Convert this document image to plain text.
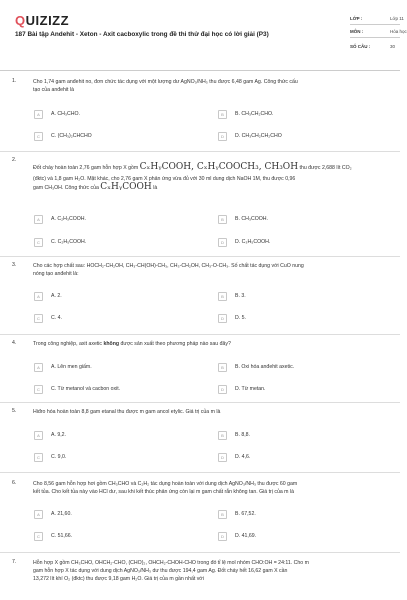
QUIZIZZ
187 Bài tập Andehit - Xeton - Axit cacboxylic trong đề thi thử đại học có lời giải (P3)
LỚP :	Lớp 11
MÔN :	Hóa học
SỐ CÂU :	30
1.	Cho 1,74 gam anđehit no, đơn chức tác dụng với một lượng dư AgNO₃/NH₃ thu được 6,48 gam Ag. Công thức cấu
tạo của anđehit là
A	A. CH₃CHO.	B	B. CH₃CH₂CHO.
C	C. (CH₃)₂CHCHO	D	D. CH₃CH₂CH₂CHO
2.
Đốt cháy hoàn toàn 2,76 gam hỗn hợp X gồm CₓHᵧCOOH, CₓHᵧCOOCH₃, CH₃OH thu được 2,688 lít CO₂
(đktc) và 1,8 gam H₂O. Mặt khác, cho 2,76 gam X phản ứng vừa đủ với 30 ml dung dịch NaOH 1M, thu được 0,96
gam CH₃OH. Công thức của CₓHᵧCOOH là
A	A. C₂H₃COOH.	B	B. CH₃COOH.
C	C. C₂H₅COOH.	D	D. C₃H₅COOH.
3.	Cho các hợp chất sau: HOCH₂-CH₂OH, CH₃-CH(OH)-CH₃, CH₃-CH₂OH, CH₃-O-CH₃. Số chất tác dụng với CuO nung
nóng tạo anđehit là:
A	A. 2.	B	B. 3.
C	C. 4.	D	D. 5.
4.	Trong công nghiệp, axit axetic không được sản xuất theo phương pháp nào sau đây?
A	A. Lên men giấm.	B	B. Oxi hóa anđehit axetic.
C	C. Từ metanol và cacbon oxit.	D	D. Từ metan.
5.	Hiđro hóa hoàn toàn 8,8 gam etanal thu được m gam ancol etylic. Giá trị của m là
A	A. 9,2.	B	B. 8,8.
C	C. 9,0.	D	D. 4,6.
6.	Cho 8,56 gam hỗn hợp hơi gồm CH₃CHO và C₂H₂ tác dụng hoàn toàn với dung dịch AgNO₃/NH₃ thu được 60 gam
kết tủa. Cho kết tủa này vào HCl dư, sau khi kết thúc phản ứng còn lại m gam chất rắn không tan. Giá trị của m là
A	A. 21,60.	B	B. 67,52.
C	C. 51,66.	D	D. 41,69.
7.	Hỗn hợp X gồm CH₃CHO, OHCH₂-CHO, (CHO)₂, OHCH₂-CHOH-CHO trong đó tỉ lệ mol nhóm CHO:OH = 24:11. Cho m
gam hỗn hợp X tác dụng với dung dịch AgNO₃/NH₃ dư thu được 194,4 gam Ag. Đốt cháy hết 16,62 gam X cần
13,272 lít khí O₂ (đktc) thu được 9,18 gam H₂O. Giá trị của m gần nhất với
